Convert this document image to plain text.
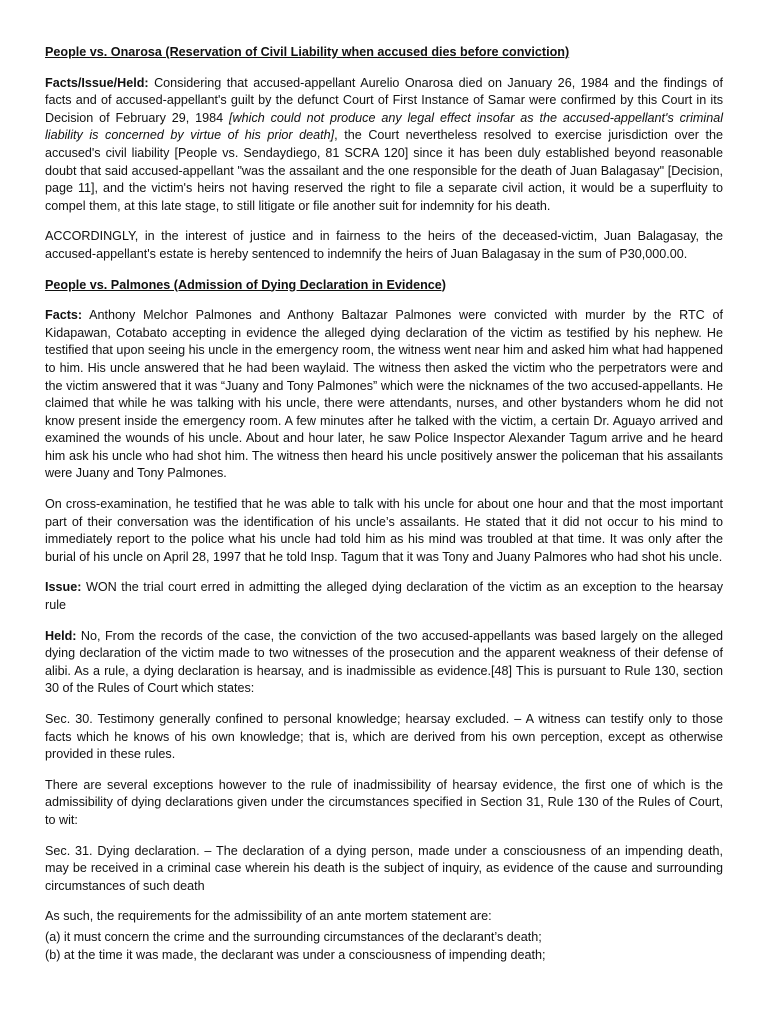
People vs. Onarosa (Reservation of Civil Liability when accused dies before conviction)

Facts/Issue/Held: Considering that accused-appellant Aurelio Onarosa died on January 26, 1984 and the findings of facts and of accused-appellant's guilt by the defunct Court of First Instance of Samar were confirmed by this Court in its Decision of February 29, 1984 [which could not produce any legal effect insofar as the accused-appellant's criminal liability is concerned by virtue of his prior death], the Court nevertheless resolved to exercise jurisdiction over the accused's civil liability [People vs. Sendaydiego, 81 SCRA 120] since it has been duly established beyond reasonable doubt that said accused-appellant "was the assailant and the one responsible for the death of Juan Balagasay" [Decision, page 11], and the victim's heirs not having reserved the right to file a separate civil action, it would be a superfluity to compel them, at this late stage, to still litigate or file another suit for indemnity for his death.

ACCORDINGLY, in the interest of justice and in fairness to the heirs of the deceased-victim, Juan Balagasay, the accused-appellant's estate is hereby sentenced to indemnify the heirs of Juan Balagasay in the sum of P30,000.00.

People vs. Palmones (Admission of Dying Declaration in Evidence)

Facts: Anthony Melchor Palmones and Anthony Baltazar Palmones were convicted with murder by the RTC of Kidapawan, Cotabato accepting in evidence the alleged dying declaration of the victim as testified by his nephew. He testified that upon seeing his uncle in the emergency room, the witness went near him and asked him what had happened to him. His uncle answered that he had been waylaid. The witness then asked the victim who the perpetrators were and the victim answered that it was “Juany and Tony Palmones” which were the nicknames of the two accused-appellants. He claimed that while he was talking with his uncle, there were attendants, nurses, and other bystanders whom he did not know present inside the emergency room. A few minutes after he talked with the victim, a certain Dr. Aguayo arrived and examined the wounds of his uncle. About and hour later, he saw Police Inspector Alexander Tagum arrive and he heard him ask his uncle who had shot him. The witness then heard his uncle positively answer the policeman that his assailants were Juany and Tony Palmones.

On cross-examination, he testified that he was able to talk with his uncle for about one hour and that the most important part of their conversation was the identification of his uncle’s assailants. He stated that it did not occur to his mind to immediately report to the police what his uncle had told him as his mind was troubled at that time. It was only after the burial of his uncle on April 28, 1997 that he told Insp. Tagum that it was Tony and Juany Palmores who had shot his uncle.

Issue: WON the trial court erred in admitting the alleged dying declaration of the victim as an exception to the hearsay rule

Held: No, From the records of the case, the conviction of the two accused-appellants was based largely on the alleged dying declaration of the victim made to two witnesses of the prosecution and the apparent weakness of their defense of alibi. As a rule, a dying declaration is hearsay, and is inadmissible as evidence.[48] This is pursuant to Rule 130, section 30 of the Rules of Court which states:

Sec. 30. Testimony generally confined to personal knowledge; hearsay excluded. – A witness can testify only to those facts which he knows of his own knowledge; that is, which are derived from his own perception, except as otherwise provided in these rules.

There are several exceptions however to the rule of inadmissibility of hearsay evidence, the first one of which is the admissibility of dying declarations given under the circumstances specified in Section 31, Rule 130 of the Rules of Court, to wit:

Sec. 31. Dying declaration. – The declaration of a dying person, made under a consciousness of an impending death, may be received in a criminal case wherein his death is the subject of inquiry, as evidence of the cause and surrounding circumstances of such death

As such, the requirements for the admissibility of an ante mortem statement are:

(a) it must concern the crime and the surrounding circumstances of the declarant’s death;

(b) at the time it was made, the declarant was under a consciousness of impending death;
